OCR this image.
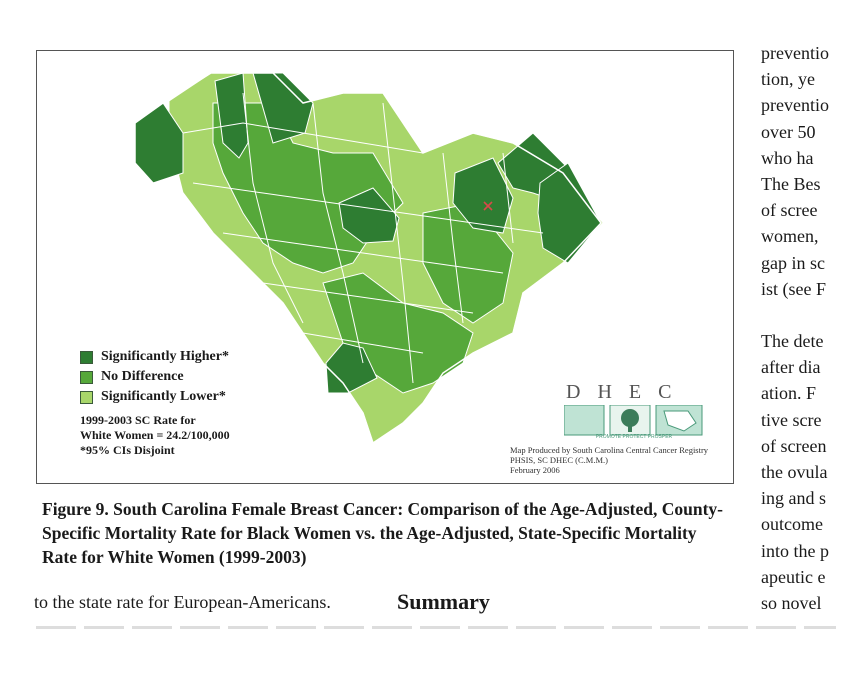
Significantly Higher*
No Difference
Significantly Lower*
1999-2003 SC Rate for
White Women = 24.2/100,000
*95% CIs Disjoint
DHEC
PROMOTE PROTECT PROSPER
Map Produced by South Carolina Central Cancer Registry
PHSIS, SC DHEC (C.M.M.)
February 2006
Figure 9. South Carolina Female Breast Cancer: Comparison of the Age-Adjusted, County-Specific Mortality Rate for Black Women vs. the Age-Adjusted, State-Specific Mortality Rate for White Women (1999-2003)
to the state rate for European-Americans.	Summary
preventio
tion, ye
preventio
over 50
who ha
The Bes
of scree
women,
gap in sc
ist (see F
The dete
after dia
ation. F
tive scre
of screen
the ovula
ing and s
outcome
into the p
apeutic e
so novel
